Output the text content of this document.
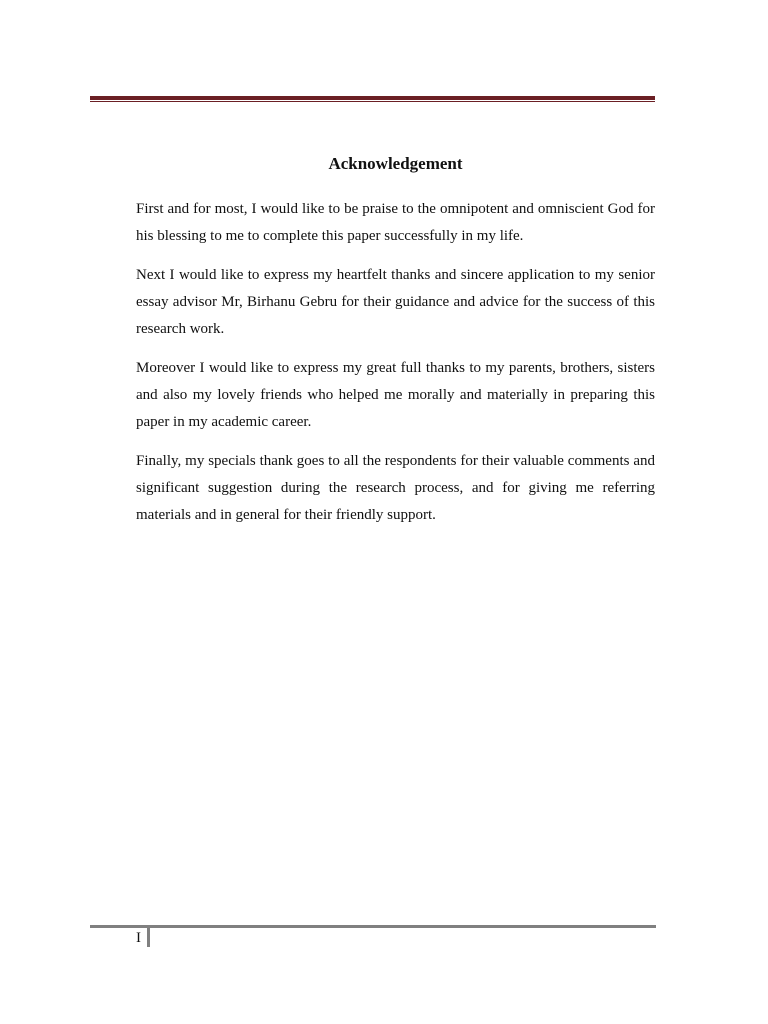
Acknowledgement

First and for most, I would like to be praise to the omnipotent and omniscient God for his blessing to me to complete this paper successfully in my life.

Next I would like to express my heartfelt thanks and sincere application to my senior essay advisor Mr, Birhanu Gebru for their guidance and advice for the success of this research work.

Moreover I would like to express my great full thanks to my parents, brothers, sisters and also my lovely friends who helped me morally and materially in preparing this paper in my academic career.

Finally, my specials thank goes to all the respondents for their valuable comments and significant suggestion during the research process, and for giving me referring materials and in general for their friendly support.

I
